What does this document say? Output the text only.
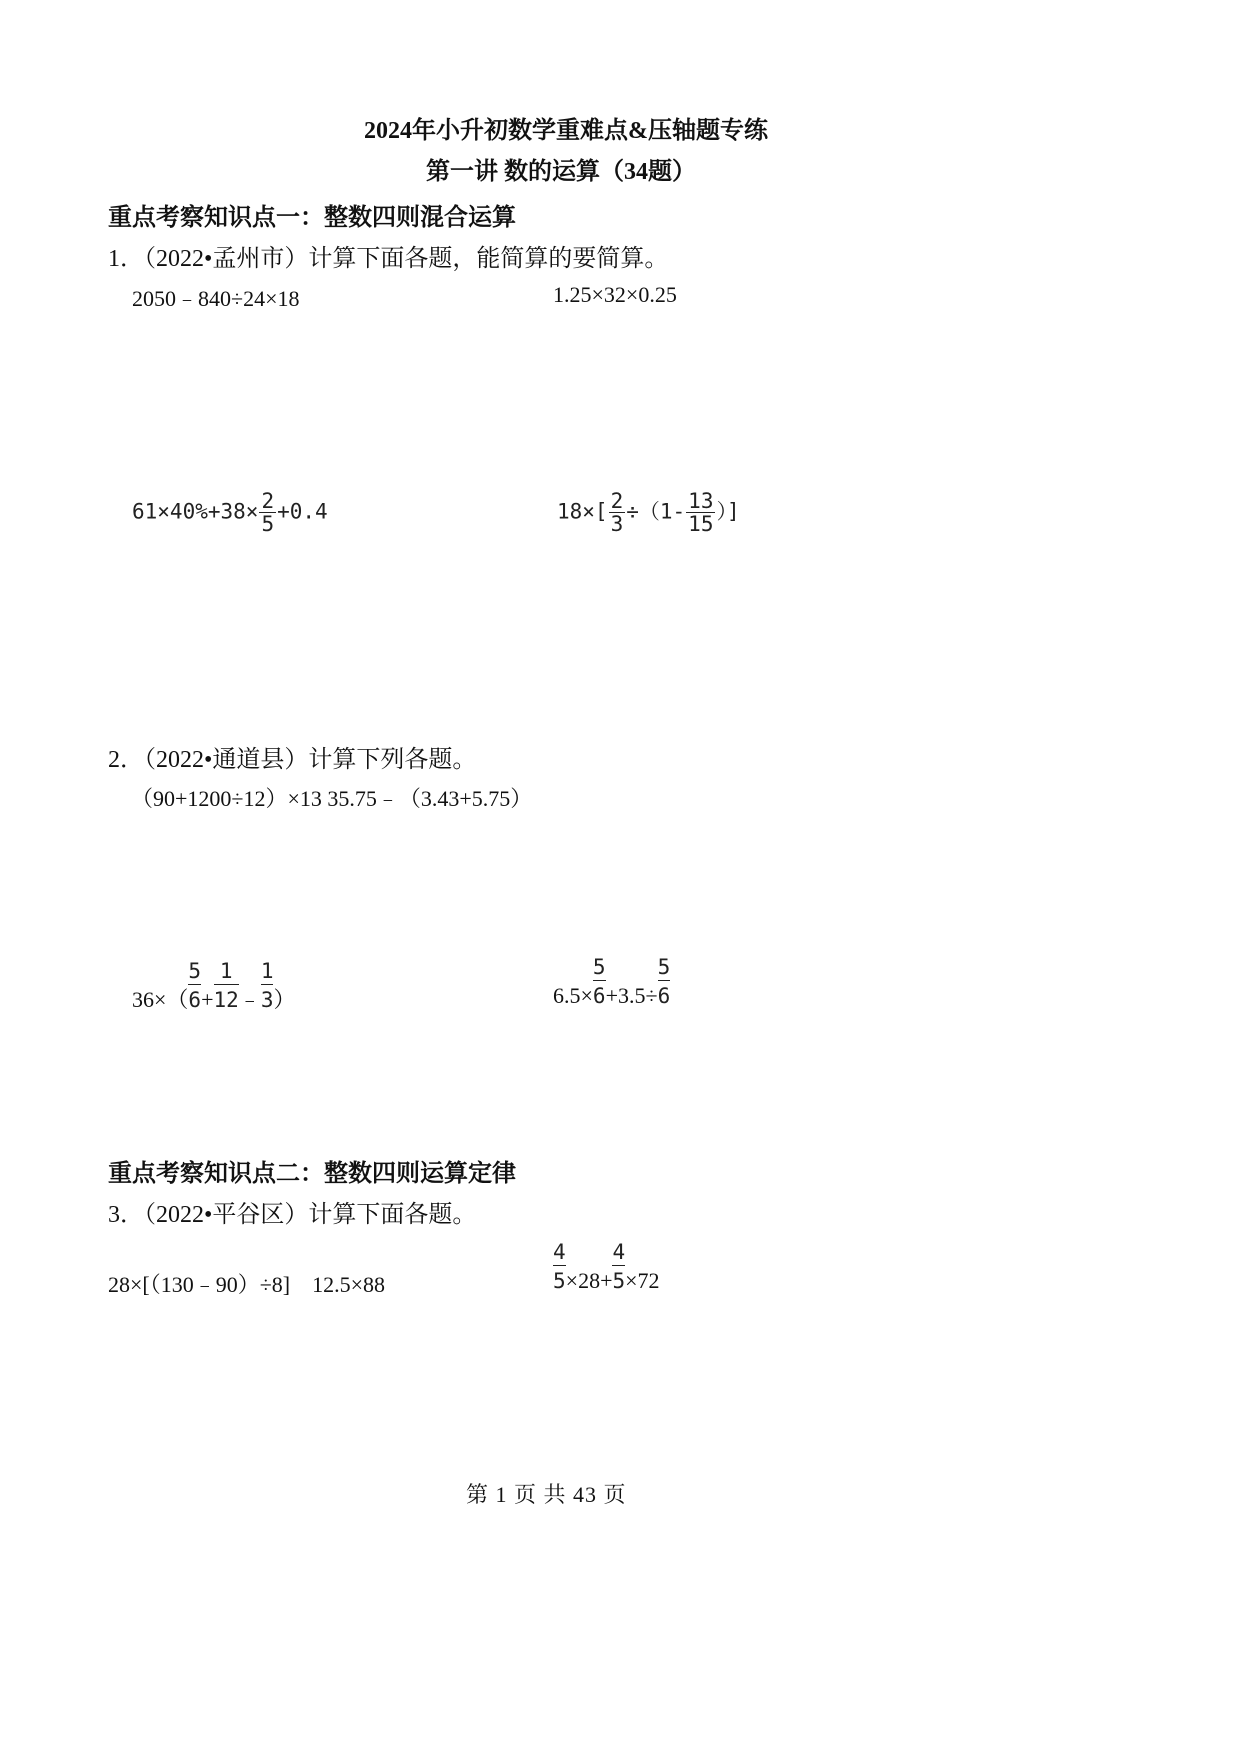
2024年小升初数学重难点&压轴题专练
第一讲 数的运算（34题）
重点考察知识点一：整数四则混合运算
1．（2022•孟州市）计算下面各题，能简算的要简算。
2050﹣840÷24×18	1.25×32×0.25
$61\times 40\%+38\times \frac{2}{5} +0.4$	$18\times[ \frac{2}{3} \div(1- \frac{13}{15}$ ）]
2．（2022•通道县）计算下列各题。
（90+1200÷12）×13 35.75﹣（3.43+5.75）
$36\times( \frac{5}{6}+$ $\frac{1}{12}﹣ \frac{1}{3}$）	$6.5\times \frac{5}{6}+3.5\div \frac{5}{6}$
重点考察知识点二：整数四则运算定律
3．（2022•平谷区）计算下面各题。
28×[（130﹣90）÷8]　12.5×88	$\frac{4}{5}\times 28+ \frac{4}{5}\times 72$
第 1 页 共 43 页
